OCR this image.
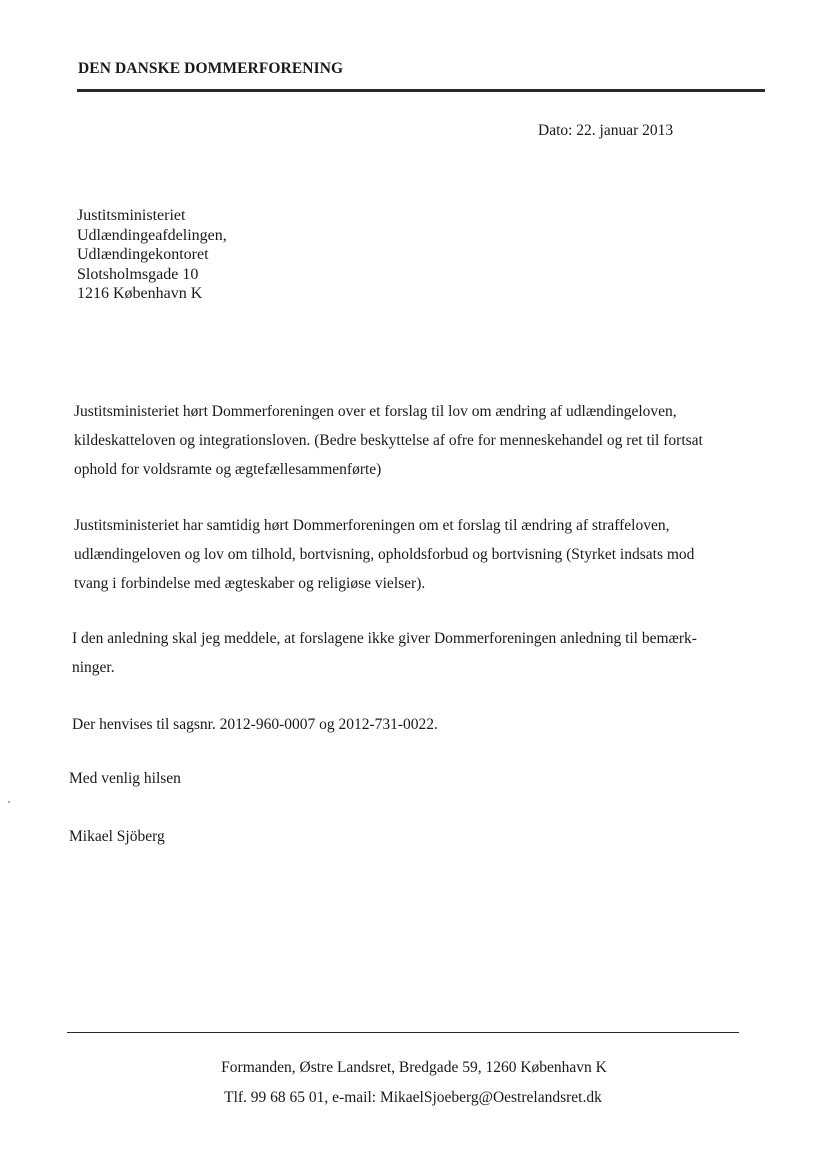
DEN DANSKE DOMMERFORENING
Dato: 22. januar 2013
Justitsministeriet
Udlændingeafdelingen,
Udlændingekontoret
Slotsholmsgade 10
1216 København K
Justitsministeriet hørt Dommerforeningen over et forslag til lov om ændring af udlændingeloven,
kildeskatteloven og integrationsloven. (Bedre beskyttelse af ofre for menneskehandel og ret til fortsat
ophold for voldsramte og ægtefællesammenførte)
Justitsministeriet har samtidig hørt Dommerforeningen om et forslag til ændring af straffeloven,
udlændingeloven og lov om tilhold, bortvisning, opholdsforbud og bortvisning (Styrket indsats mod
tvang i forbindelse med ægteskaber og religiøse vielser).
I den anledning skal jeg meddele, at forslagene ikke giver Dommerforeningen anledning til bemærk-
ninger.
Der henvises til sagsnr. 2012-960-0007 og 2012-731-0022.
Med venlig hilsen
Mikael Sjöberg
Formanden, Østre Landsret, Bredgade 59, 1260 København K
Tlf. 99 68 65 01, e-mail: MikaelSjoeberg@Oestrelandsret.dk
